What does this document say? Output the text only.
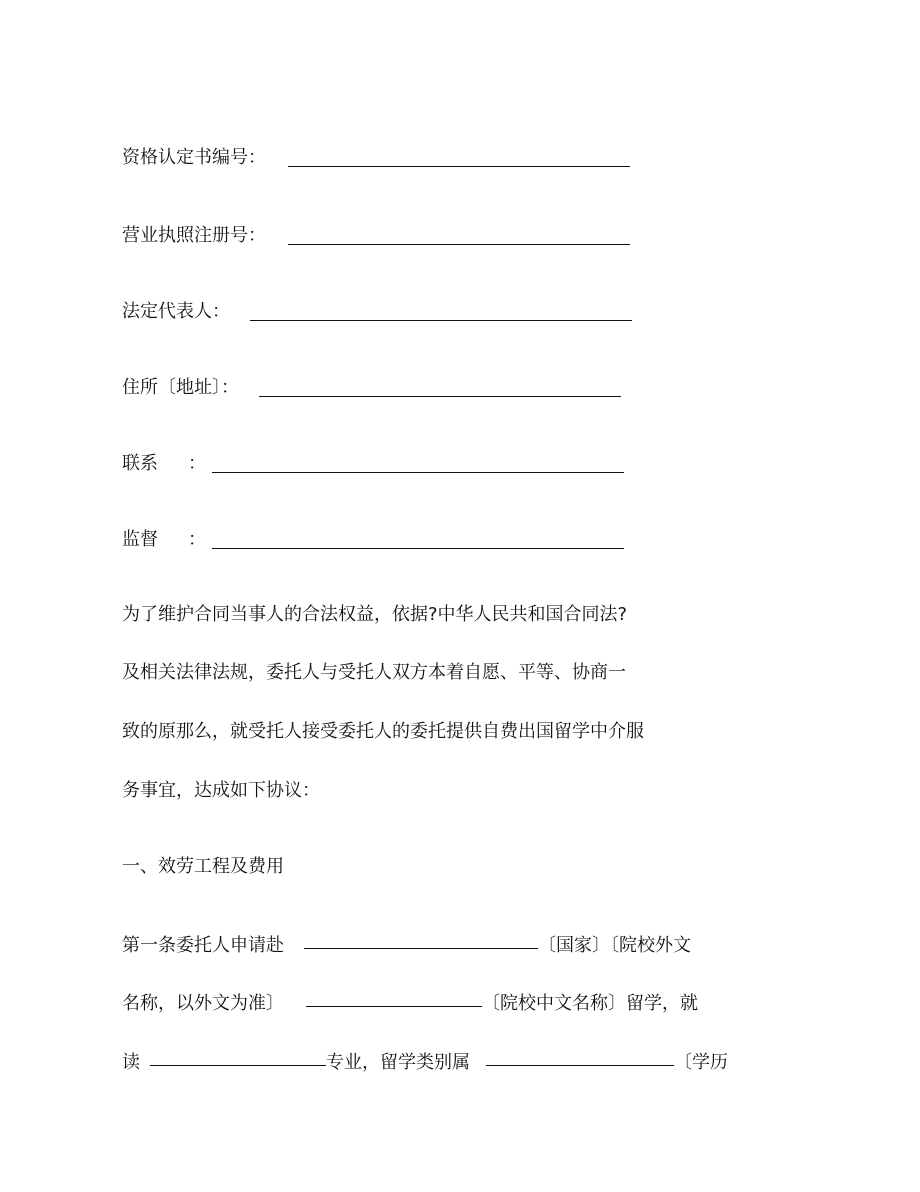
资格认定书编号：
营业执照注册号：
法定代表人：
住所〔地址〕：
联系 ：
监督 ：
为了维护合同当事人的合法权益，依据?中华人民共和国合同法?
及相关法律法规，委托人与受托人双方本着自愿、平等、协商一
致的原那么，就受托人接受委托人的委托提供自费出国留学中介服
务事宜，达成如下协议：
一、效劳工程及费用
第一条委托人申请赴	〔国家〕〔院校外文
名称，以外文为准〕	〔院校中文名称〕留学，就
读	专业，留学类别属	〔学历
